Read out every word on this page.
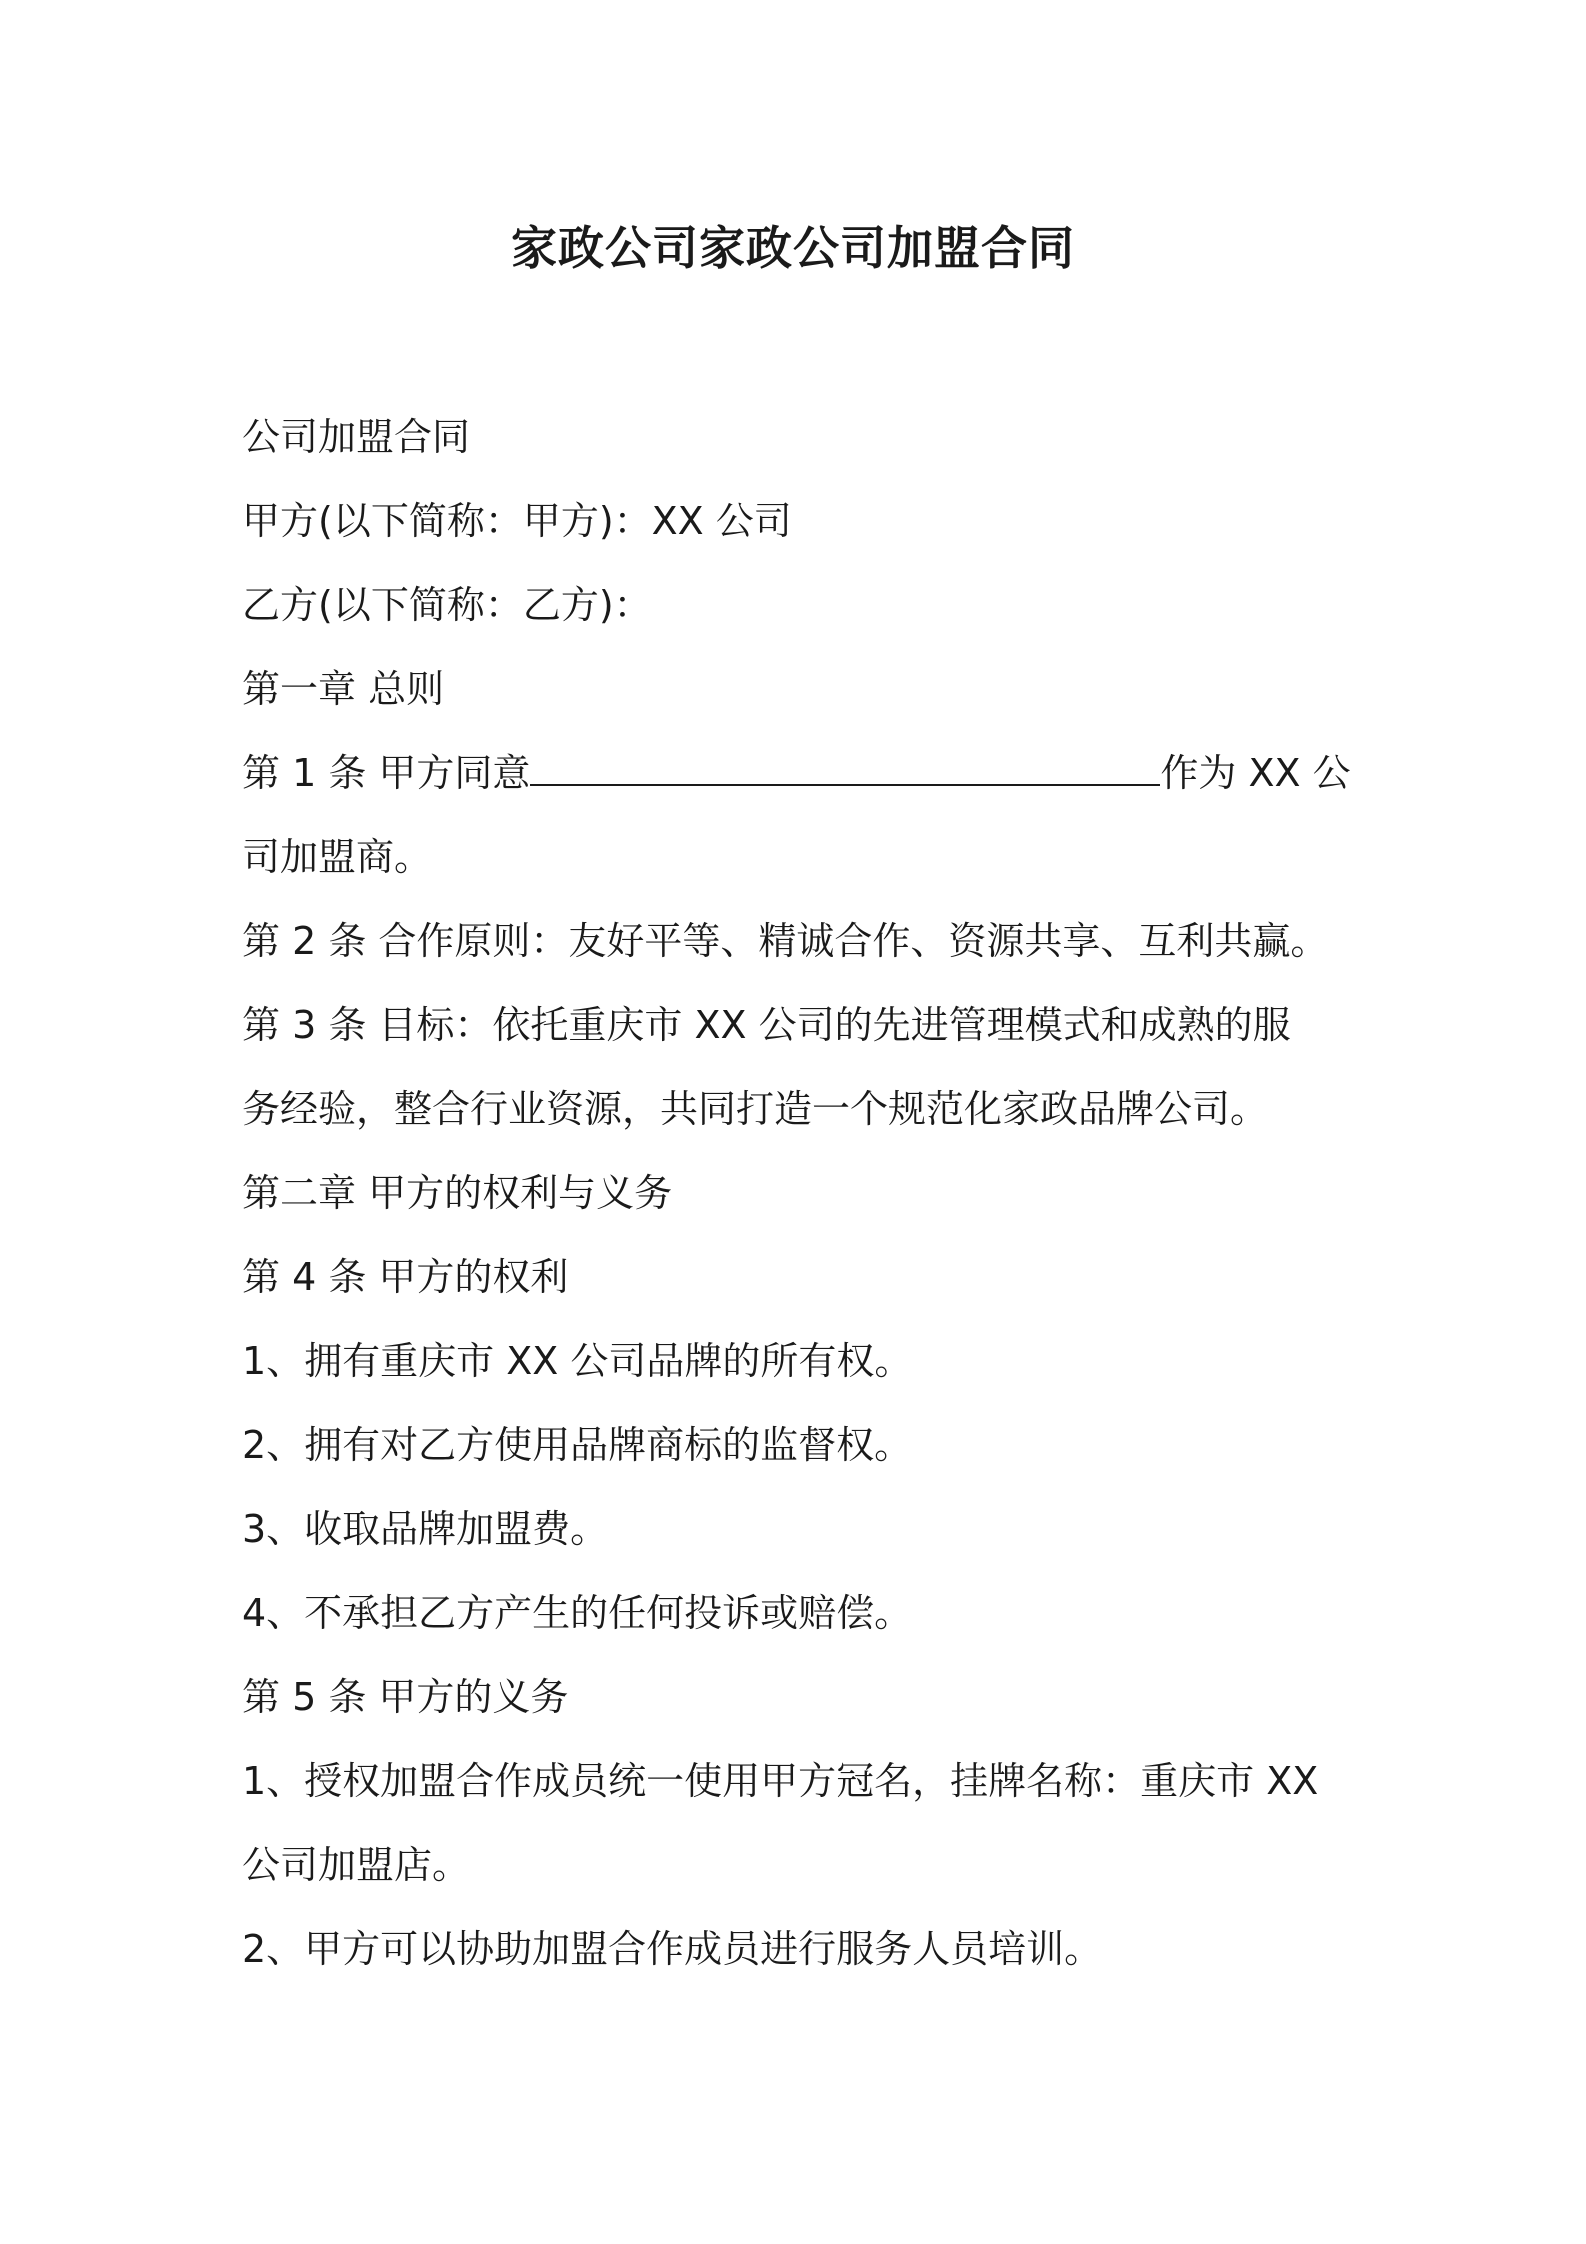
家政公司家政公司加盟合同

公司加盟合同

甲方(以下简称：甲方)：XX 公司

乙方(以下简称：乙方)：

第一章 总则

第 1 条 甲方同意	作为 XX 公

司加盟商。

第 2 条 合作原则：友好平等、精诚合作、资源共享、互利共赢。

第 3 条 目标：依托重庆市 XX 公司的先进管理模式和成熟的服

务经验，整合行业资源，共同打造一个规范化家政品牌公司。

第二章 甲方的权利与义务

第 4 条 甲方的权利

1、拥有重庆市 XX 公司品牌的所有权。

2、拥有对乙方使用品牌商标的监督权。

3、收取品牌加盟费。

4、不承担乙方产生的任何投诉或赔偿。

第 5 条 甲方的义务

1、授权加盟合作成员统一使用甲方冠名，挂牌名称：重庆市 XX

公司加盟店。

2、甲方可以协助加盟合作成员进行服务人员培训。
